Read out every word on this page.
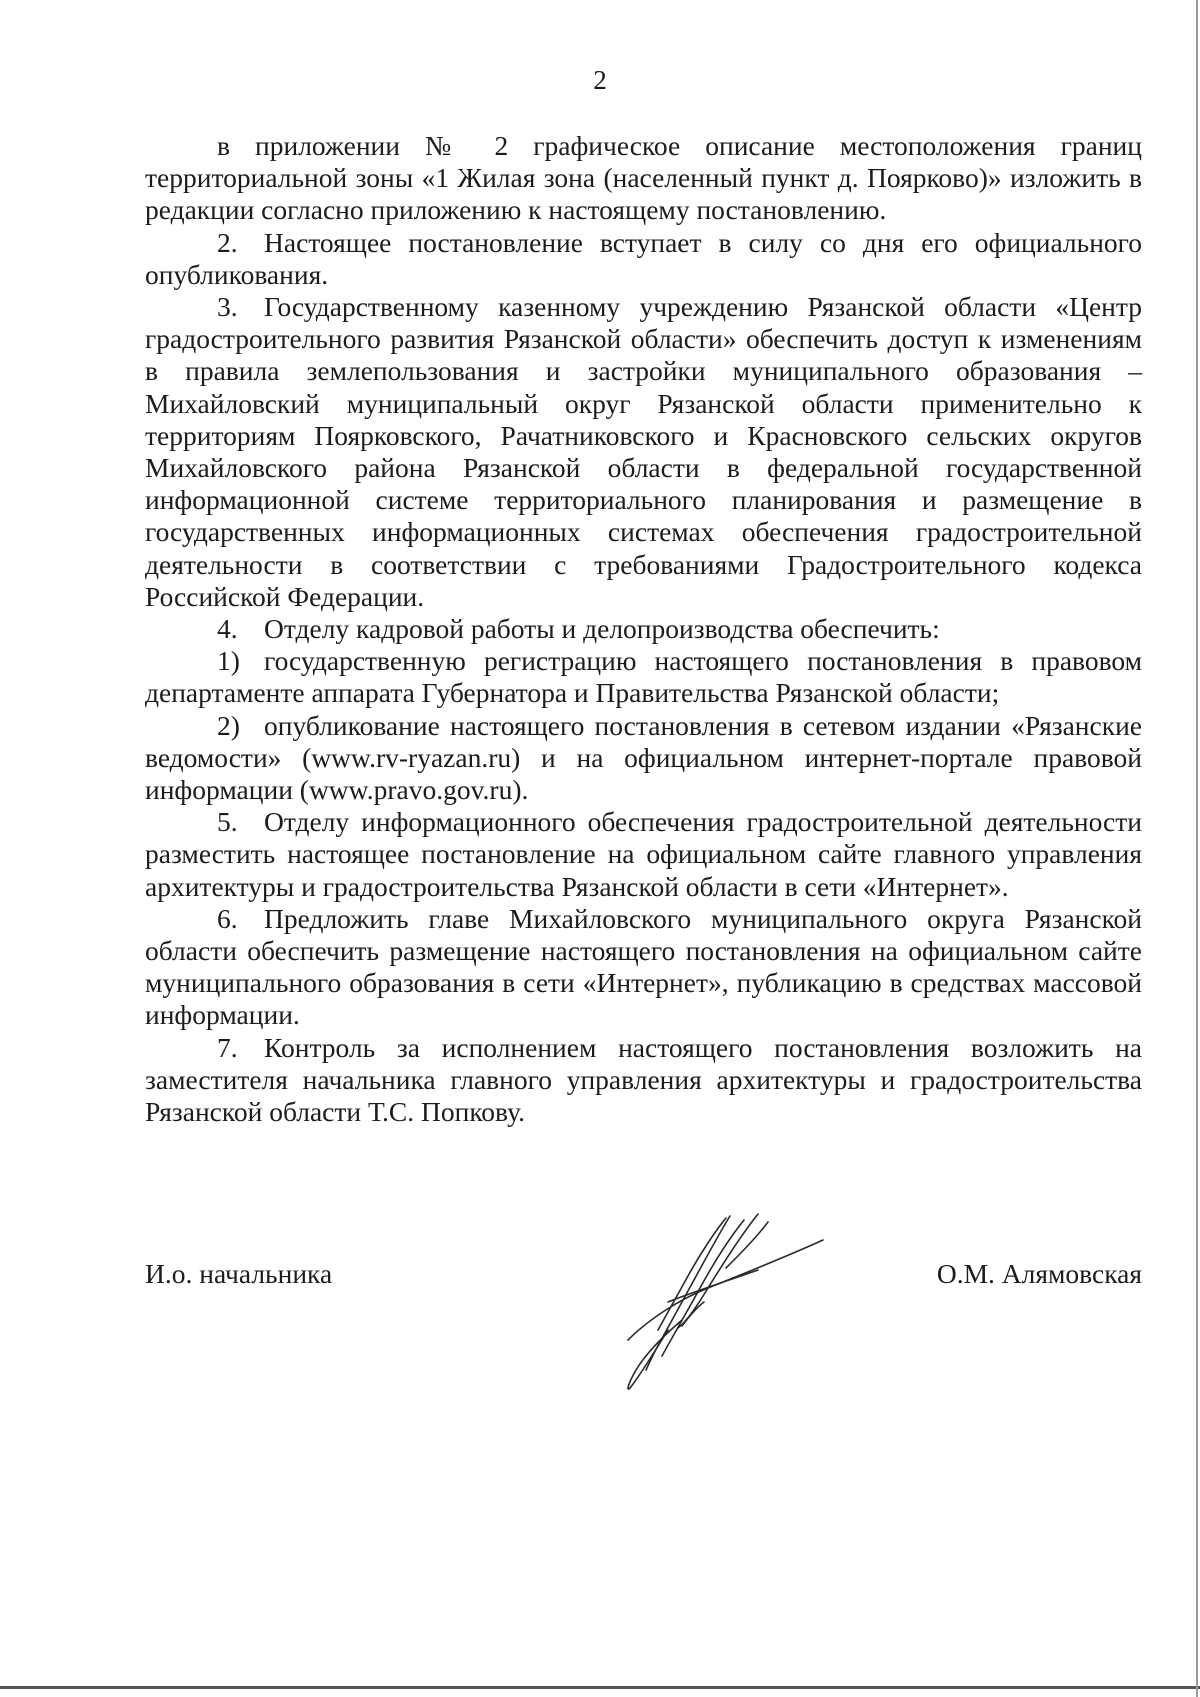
2

в приложении № 2 графическое описание местоположения границ территориальной зоны «1 Жилая зона (населенный пункт д. Поярково)» изложить в редакции согласно приложению к настоящему постановлению.

2. Настоящее постановление вступает в силу со дня его официального опубликования.

3. Государственному казенному учреждению Рязанской области «Центр градостроительного развития Рязанской области» обеспечить доступ к изменениям в правила землепользования и застройки муниципального образования – Михайловский муниципальный округ Рязанской области применительно к территориям Поярковского, Рачатниковского и Красновского сельских округов Михайловского района Рязанской области в федеральной государственной информационной системе территориального планирования и размещение в государственных информационных системах обеспечения градостроительной деятельности в соответствии с требованиями Градостроительного кодекса Российской Федерации.

4. Отделу кадровой работы и делопроизводства обеспечить:

1) государственную регистрацию настоящего постановления в правовом департаменте аппарата Губернатора и Правительства Рязанской области;

2) опубликование настоящего постановления в сетевом издании «Рязанские ведомости» (www.rv-ryazan.ru) и на официальном интернет-портале правовой информации (www.pravo.gov.ru).

5. Отделу информационного обеспечения градостроительной деятельности разместить настоящее постановление на официальном сайте главного управления архитектуры и градостроительства Рязанской области в сети «Интернет».

6. Предложить главе Михайловского муниципального округа Рязанской области обеспечить размещение настоящего постановления на официальном сайте муниципального образования в сети «Интернет», публикацию в средствах массовой информации.

7. Контроль за исполнением настоящего постановления возложить на заместителя начальника главного управления архитектуры и градостроительства Рязанской области Т.С. Попкову.

И.о. начальника	О.М. Алямовская
